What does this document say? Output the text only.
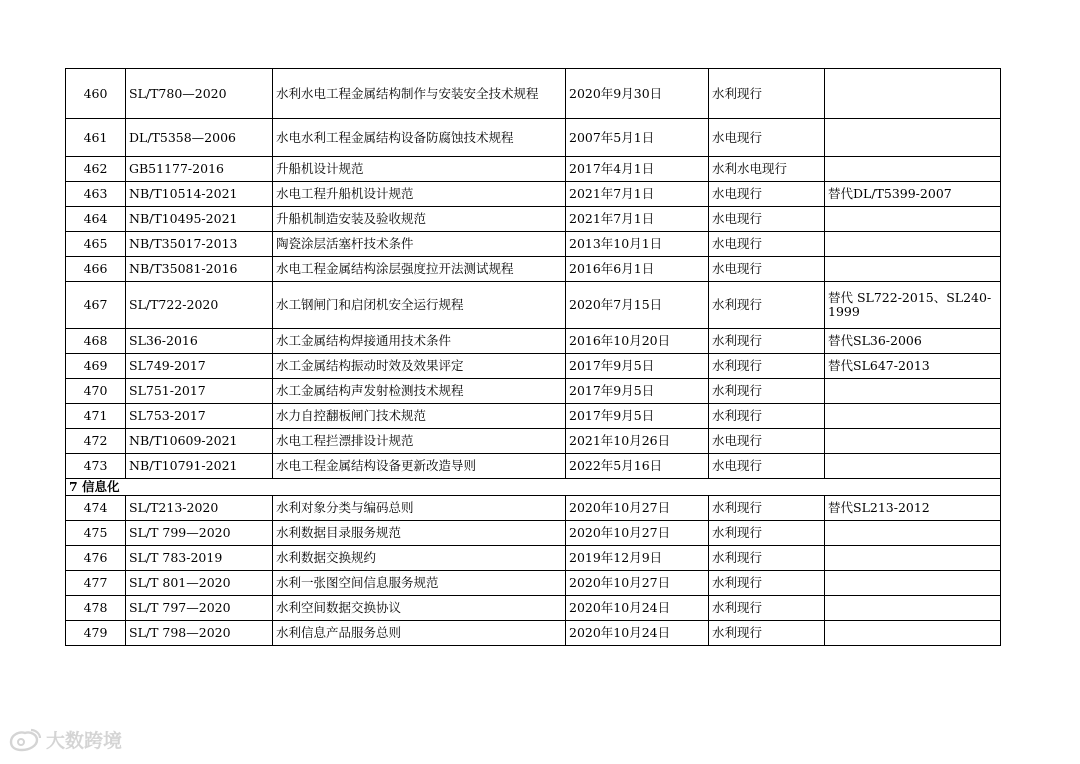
460	SL/T780—2020	水利水电工程金属结构制作与安装安全技术规程	2020年9月30日	水利现行	
461	DL/T5358—2006	水电水利工程金属结构设备防腐蚀技术规程	2007年5月1日	水电现行	
462	GB51177-2016	升船机设计规范	2017年4月1日	水利水电现行	
463	NB/T10514-2021	水电工程升船机设计规范	2021年7月1日	水电现行	替代DL/T5399-2007
464	NB/T10495-2021	升船机制造安装及验收规范	2021年7月1日	水电现行	
465	NB/T35017-2013	陶瓷涂层活塞杆技术条件	2013年10月1日	水电现行	
466	NB/T35081-2016	水电工程金属结构涂层强度拉开法测试规程	2016年6月1日	水电现行	
467	SL/T722-2020	水工钢闸门和启闭机安全运行规程	2020年7月15日	水利现行	替代 SL722-2015、SL240-1999
468	SL36-2016	水工金属结构焊接通用技术条件	2016年10月20日	水利现行	替代SL36-2006
469	SL749-2017	水工金属结构振动时效及效果评定	2017年9月5日	水利现行	替代SL647-2013
470	SL751-2017	水工金属结构声发射检测技术规程	2017年9月5日	水利现行	
471	SL753-2017	水力自控翻板闸门技术规范	2017年9月5日	水利现行	
472	NB/T10609-2021	水电工程拦漂排设计规范	2021年10月26日	水电现行	
473	NB/T10791-2021	水电工程金属结构设备更新改造导则	2022年5月16日	水电现行	
7 信息化					
474	SL/T213-2020	水利对象分类与编码总则	2020年10月27日	水利现行	替代SL213-2012
475	SL/T 799—2020	水利数据目录服务规范	2020年10月27日	水利现行	
476	SL/T 783-2019	水利数据交换规约	2019年12月9日	水利现行	
477	SL/T 801—2020	水利一张图空间信息服务规范	2020年10月27日	水利现行	
478	SL/T 797—2020	水利空间数据交换协议	2020年10月24日	水利现行	
479	SL/T 798—2020	水利信息产品服务总则	2020年10月24日	水利现行	
大数跨境
